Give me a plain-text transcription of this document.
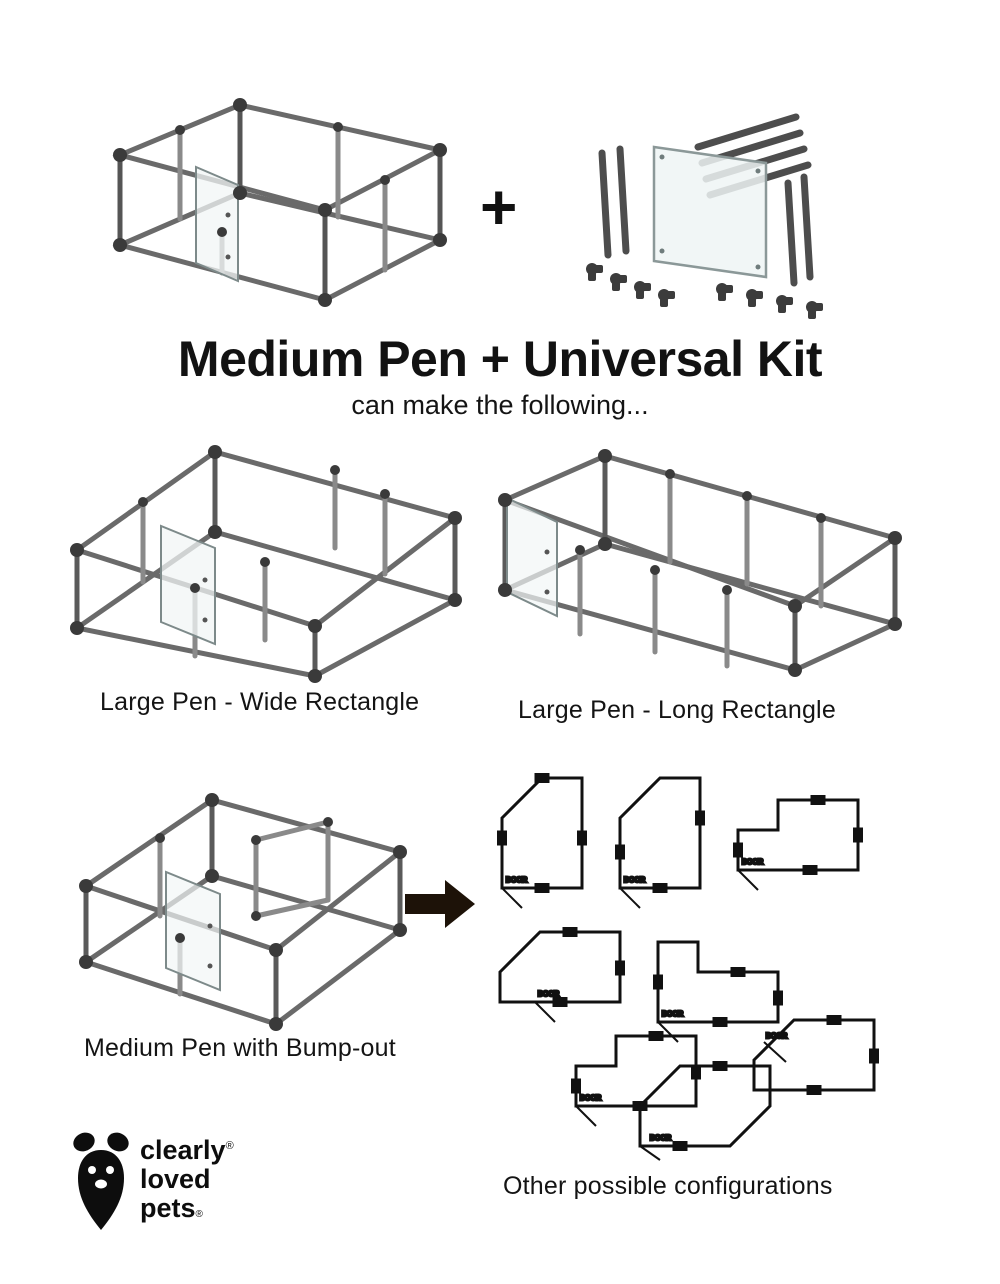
+
Medium Pen + Universal Kit
can make the following...
Large Pen - Wide Rectangle	Large Pen - Long Rectangle
Medium Pen with Bump-out
DOOR	DOOR
DOOR
DOOR
DOOR
DOOR
DOOR
DOOR
Other possible configurations
clearly®
loved
pets®
